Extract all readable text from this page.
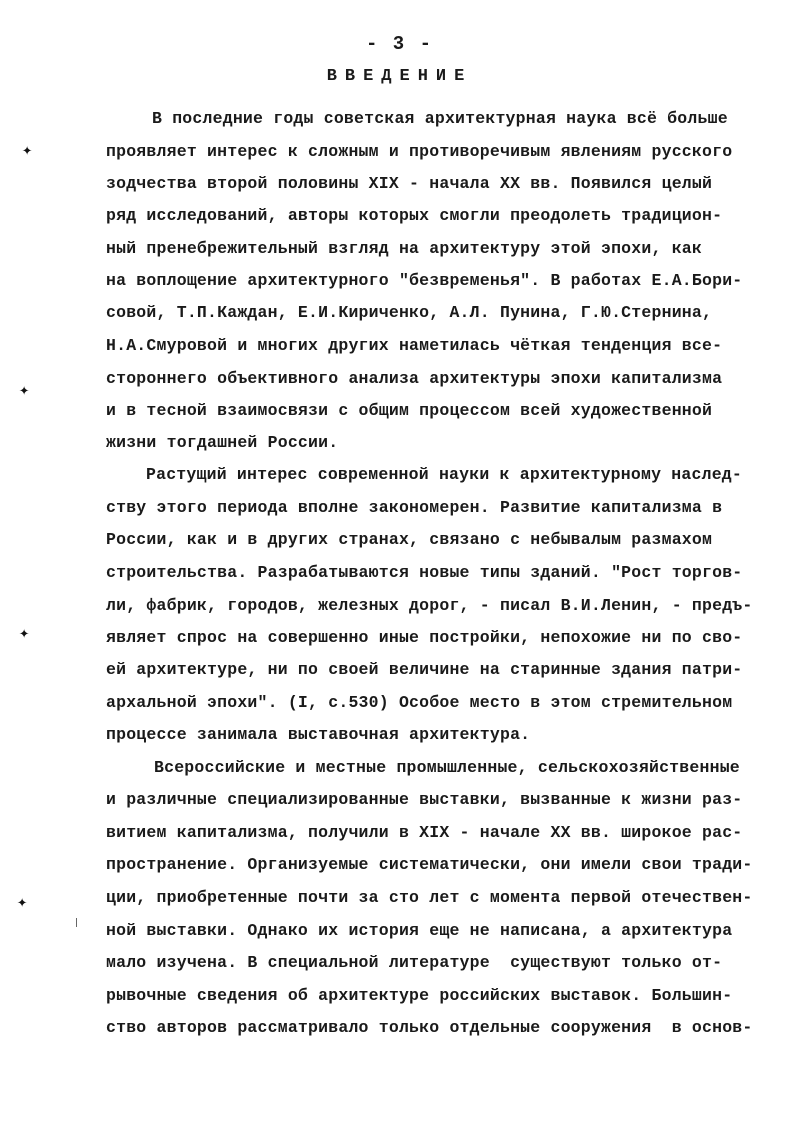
- 3 -
ВВЕДЕНИЕ
В последние годы советская архитектурная наука всё больше
проявляет интерес к сложным и противоречивым явлениям русского
зодчества второй половины XIX - начала XX вв. Появился целый
ряд исследований, авторы которых смогли преодолеть традицион-
ный пренебрежительный взгляд на архитектуру этой эпохи, как
на воплощение архитектурного "безвременья". В работах Е.А.Бори-
совой, Т.П.Каждан, Е.И.Кириченко, А.Л. Пунина, Г.Ю.Стернина,
Н.А.Смуровой и многих других наметилась чёткая тенденция все-
стороннего объективного анализа архитектуры эпохи капитализма
и в тесной взаимосвязи с общим процессом всей художественной
жизни тогдашней России.
Растущий интерес современной науки к архитектурному наслед-
ству этого периода вполне закономерен. Развитие капитализма в
России, как и в других странах, связано с небывалым размахом
строительства. Разрабатываются новые типы зданий. "Рост торгов-
ли, фабрик, городов, железных дорог, - писал В.И.Ленин, - предъ-
являет спрос на совершенно иные постройки, непохожие ни по сво-
ей архитектуре, ни по своей величине на старинные здания патри-
архальной эпохи". (I, с.530) Особое место в этом стремительном
процессе занимала выставочная архитектура.
Всероссийские и местные промышленные, сельскохозяйственные
и различные специализированные выставки, вызванные к жизни раз-
витием капитализма, получили в XIX - начале XX вв. широкое рас-
пространение. Организуемые систематически, они имели свои тради-
ции, приобретенные почти за сто лет с момента первой отечествен-
ной выставки. Однако их история еще не написана, а архитектура
мало изучена. В специальной литературе  существуют только от-
рывочные сведения об архитектуре российских выставок. Большин-
ство авторов рассматривало только отдельные сооружения  в основ-
✦
✦
✦
✦
